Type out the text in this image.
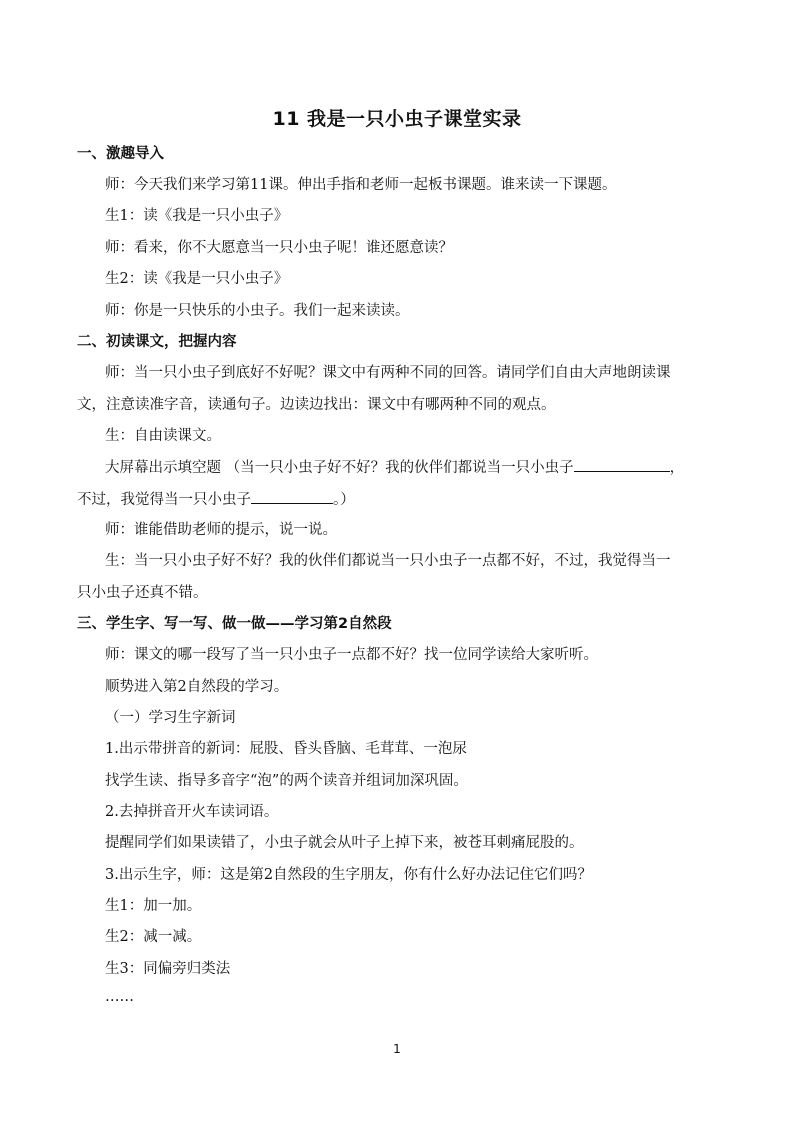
11 我是一只小虫子课堂实录
一、激趣导入
师：今天我们来学习第11课。伸出手指和老师一起板书课题。谁来读一下课题。
生1：读《我是一只小虫子》
师：看来，你不大愿意当一只小虫子呢！谁还愿意读？
生2：读《我是一只小虫子》
师：你是一只快乐的小虫子。我们一起来读读。
二、初读课文，把握内容
师：当一只小虫子到底好不好呢？课文中有两种不同的回答。请同学们自由大声地朗读课
文，注意读准字音，读通句子。边读边找出：课文中有哪两种不同的观点。
生：自由读课文。
大屏幕出示填空题 （当一只小虫子好不好？我的伙伴们都说当一只小虫子	，
不过，我觉得当一只小虫子	。）
师：谁能借助老师的提示，说一说。
生：当一只小虫子好不好？我的伙伴们都说当一只小虫子一点都不好，不过，我觉得当一
只小虫子还真不错。
三、学生字、写一写、做一做——学习第2自然段
师：课文的哪一段写了当一只小虫子一点都不好？找一位同学读给大家听听。
顺势进入第2自然段的学习。
（一）学习生字新词
1.出示带拼音的新词：屁股、昏头昏脑、毛茸茸、一泡尿
找学生读、指导多音字“泡”的两个读音并组词加深巩固。
2.去掉拼音开火车读词语。
提醒同学们如果读错了，小虫子就会从叶子上掉下来，被苍耳刺痛屁股的。
3.出示生字，师：这是第2自然段的生字朋友，你有什么好办法记住它们吗？
生1：加一加。
生2：减一减。
生3：同偏旁归类法
……
1
